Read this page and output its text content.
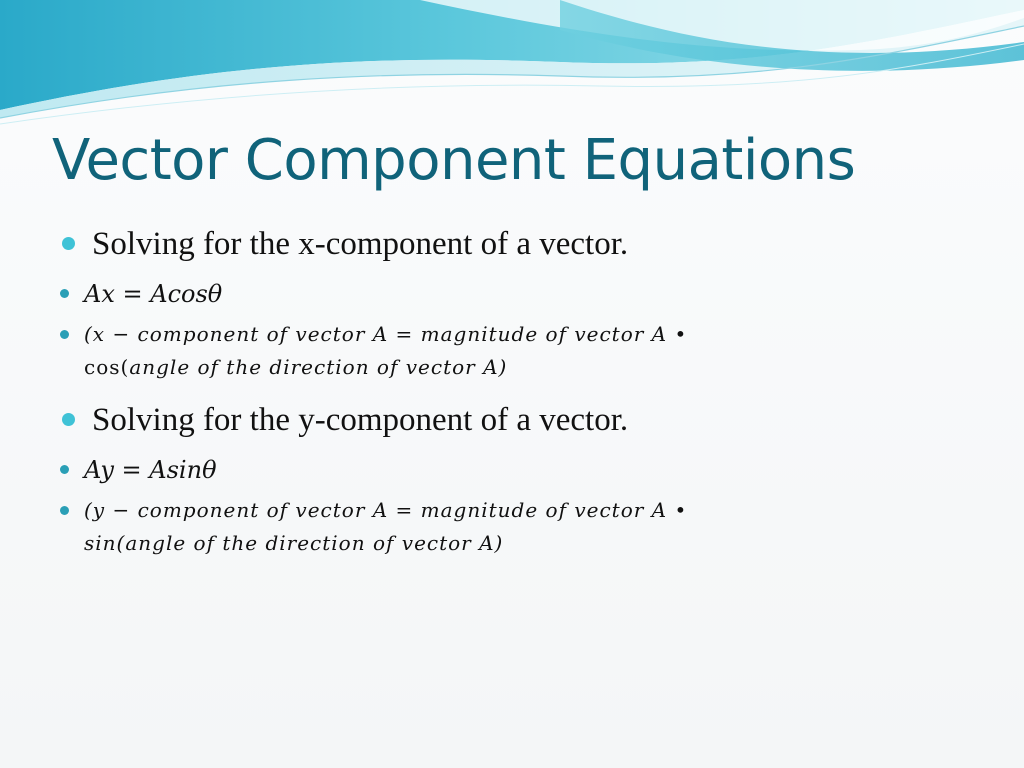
Vector Component Equations
Solving for the x-component of a vector.
Ax = Acosθ
(x − component of vector A = magnitude of vector A •
cos(angle of the direction of vector A)
Solving for the y-component of a vector.
Ay = Asinθ
(y − component of vector A = magnitude of vector A •
sin(angle of the direction of vector A)
